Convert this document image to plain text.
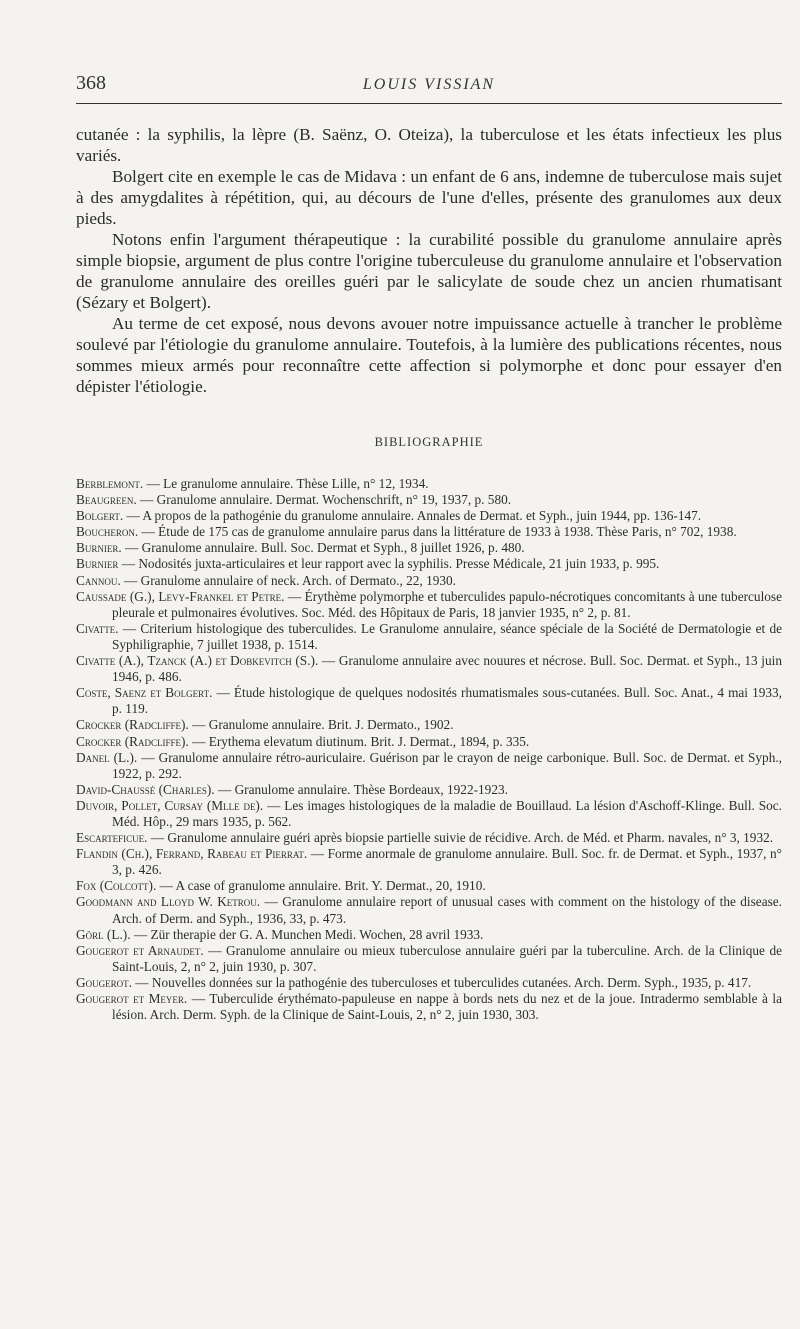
368	LOUIS VISSIAN

cutanée : la syphilis, la lèpre (B. Saënz, O. Oteiza), la tuberculose et les états infectieux les plus variés.

Bolgert cite en exemple le cas de Midava : un enfant de 6 ans, indemne de tuberculose mais sujet à des amygdalites à répétition, qui, au décours de l'une d'elles, présente des granulomes aux deux pieds.

Notons enfin l'argument thérapeutique : la curabilité possible du granulome annulaire après simple biopsie, argument de plus contre l'origine tuberculeuse du granulome annulaire et l'observation de granulome annulaire des oreilles guéri par le salicylate de soude chez un ancien rhumatisant (Sézary et Bolgert).

Au terme de cet exposé, nous devons avouer notre impuissance actuelle à trancher le problème soulevé par l'étiologie du granulome annulaire. Toutefois, à la lumière des publications récentes, nous sommes mieux armés pour reconnaître cette affection si polymorphe et donc pour essayer d'en dépister l'étiologie.

BIBLIOGRAPHIE

Berblemont. — Le granulome annulaire. Thèse Lille, n° 12, 1934.

Beaugreen. — Granulome annulaire. Dermat. Wochenschrift, n° 19, 1937, p. 580.

Bolgert. — A propos de la pathogénie du granulome annulaire. Annales de Dermat. et Syph., juin 1944, pp. 136-147.

Boucheron. — Étude de 175 cas de granulome annulaire parus dans la littérature de 1933 à 1938. Thèse Paris, n° 702, 1938.

Burnier. — Granulome annulaire. Bull. Soc. Dermat et Syph., 8 juillet 1926, p. 480.

Burnier — Nodosités juxta-articulaires et leur rapport avec la syphilis. Presse Médicale, 21 juin 1933, p. 995.

Cannou. — Granulome annulaire of neck. Arch. of Dermato., 22, 1930.

Caussade (G.), Levy-Frankel et Petre. — Érythème polymorphe et tuberculides papulo-nécrotiques concomitants à une tuberculose pleurale et pulmonaires évolutives. Soc. Méd. des Hôpitaux de Paris, 18 janvier 1935, n° 2, p. 81.

Civatte. — Criterium histologique des tuberculides. Le Granulome annulaire, séance spéciale de la Société de Dermatologie et de Syphiligraphie, 7 juillet 1938, p. 1514.

Civatte (A.), Tzanck (A.) et Dobkevitch (S.). — Granulome annulaire avec nouures et nécrose. Bull. Soc. Dermat. et Syph., 13 juin 1946, p. 486.

Coste, Saenz et Bolgert. — Étude histologique de quelques nodosités rhumatismales sous-cutanées. Bull. Soc. Anat., 4 mai 1933, p. 119.

Crocker (Radcliffe). — Granulome annulaire. Brit. J. Dermato., 1902.

Crocker (Radcliffe). — Erythema elevatum diutinum. Brit. J. Dermat., 1894, p. 335.

Danel (L.). — Granulome annulaire rétro-auriculaire. Guérison par le crayon de neige carbonique. Bull. Soc. de Dermat. et Syph., 1922, p. 292.

David-Chaussé (Charles). — Granulome annulaire. Thèse Bordeaux, 1922-1923.

Duvoir, Pollet, Cursay (Mlle de). — Les images histologiques de la maladie de Bouillaud. La lésion d'Aschoff-Klinge. Bull. Soc. Méd. Hôp., 29 mars 1935, p. 562.

Escarteficue. — Granulome annulaire guéri après biopsie partielle suivie de récidive. Arch. de Méd. et Pharm. navales, n° 3, 1932.

Flandin (Ch.), Ferrand, Rabeau et Pierrat. — Forme anormale de granulome annulaire. Bull. Soc. fr. de Dermat. et Syph., 1937, n° 3, p. 426.

Fox (Colcott). — A case of granulome annulaire. Brit. Y. Dermat., 20, 1910.

Goodmann and Lloyd W. Ketrou. — Granulome annulaire report of unusual cases with comment on the histology of the disease. Arch. of Derm. and Syph., 1936, 33, p. 473.

Görl (L.). — Zür therapie der G. A. Munchen Medi. Wochen, 28 avril 1933.

Gougerot et Arnaudet. — Granulome annulaire ou mieux tuberculose annulaire guéri par la tuberculine. Arch. de la Clinique de Saint-Louis, 2, n° 2, juin 1930, p. 307.

Gougerot. — Nouvelles données sur la pathogénie des tuberculoses et tuberculides cutanées. Arch. Derm. Syph., 1935, p. 417.

Gougerot et Meyer. — Tuberculide érythémato-papuleuse en nappe à bords nets du nez et de la joue. Intradermo semblable à la lésion. Arch. Derm. Syph. de la Clinique de Saint-Louis, 2, n° 2, juin 1930, 303.
